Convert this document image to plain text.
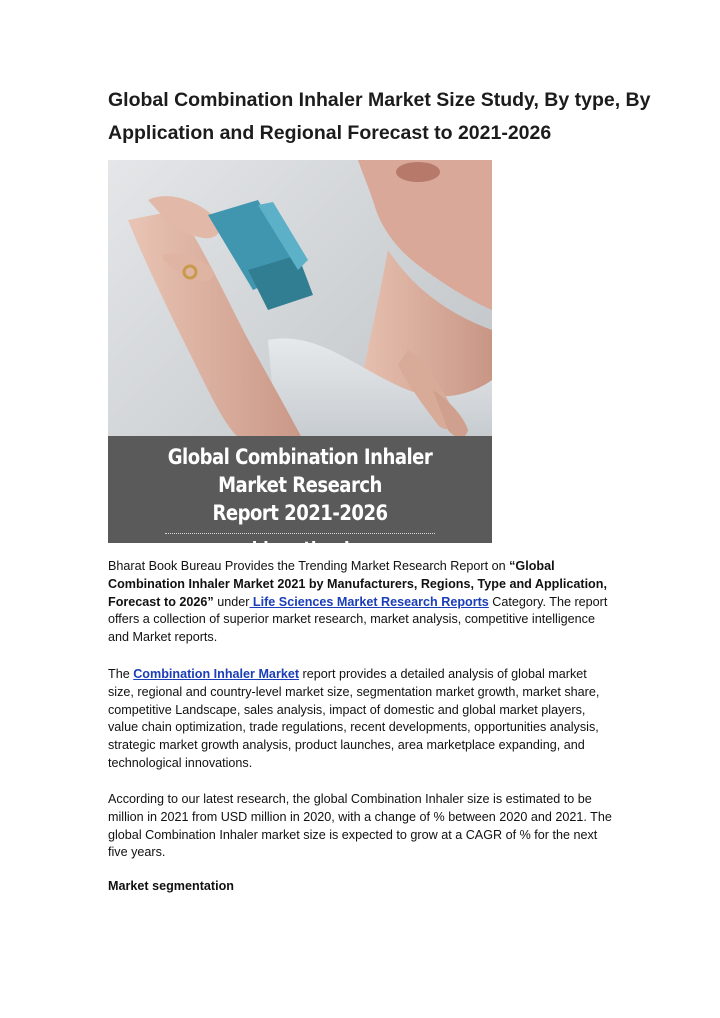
Global Combination Inhaler Market Size Study, By type, By Application and Regional Forecast to 2021-2026
Global Combination Inhaler Market Research
Report 2021-2026
www.bharatbook.com

Bharat Book Bureau Provides the Trending Market Research Report on “Global Combination Inhaler Market 2021 by Manufacturers, Regions, Type and Application, Forecast to 2026” under Life Sciences Market Research Reports Category. The report offers a collection of superior market research, market analysis, competitive intelligence and Market reports.

The Combination Inhaler Market report provides a detailed analysis of global market size, regional and country-level market size, segmentation market growth, market share, competitive Landscape, sales analysis, impact of domestic and global market players, value chain optimization, trade regulations, recent developments, opportunities analysis, strategic market growth analysis, product launches, area marketplace expanding, and technological innovations.

According to our latest research, the global Combination Inhaler size is estimated to be million in 2021 from USD million in 2020, with a change of % between 2020 and 2021. The global Combination Inhaler market size is expected to grow at a CAGR of % for the next five years.

Market segmentation
